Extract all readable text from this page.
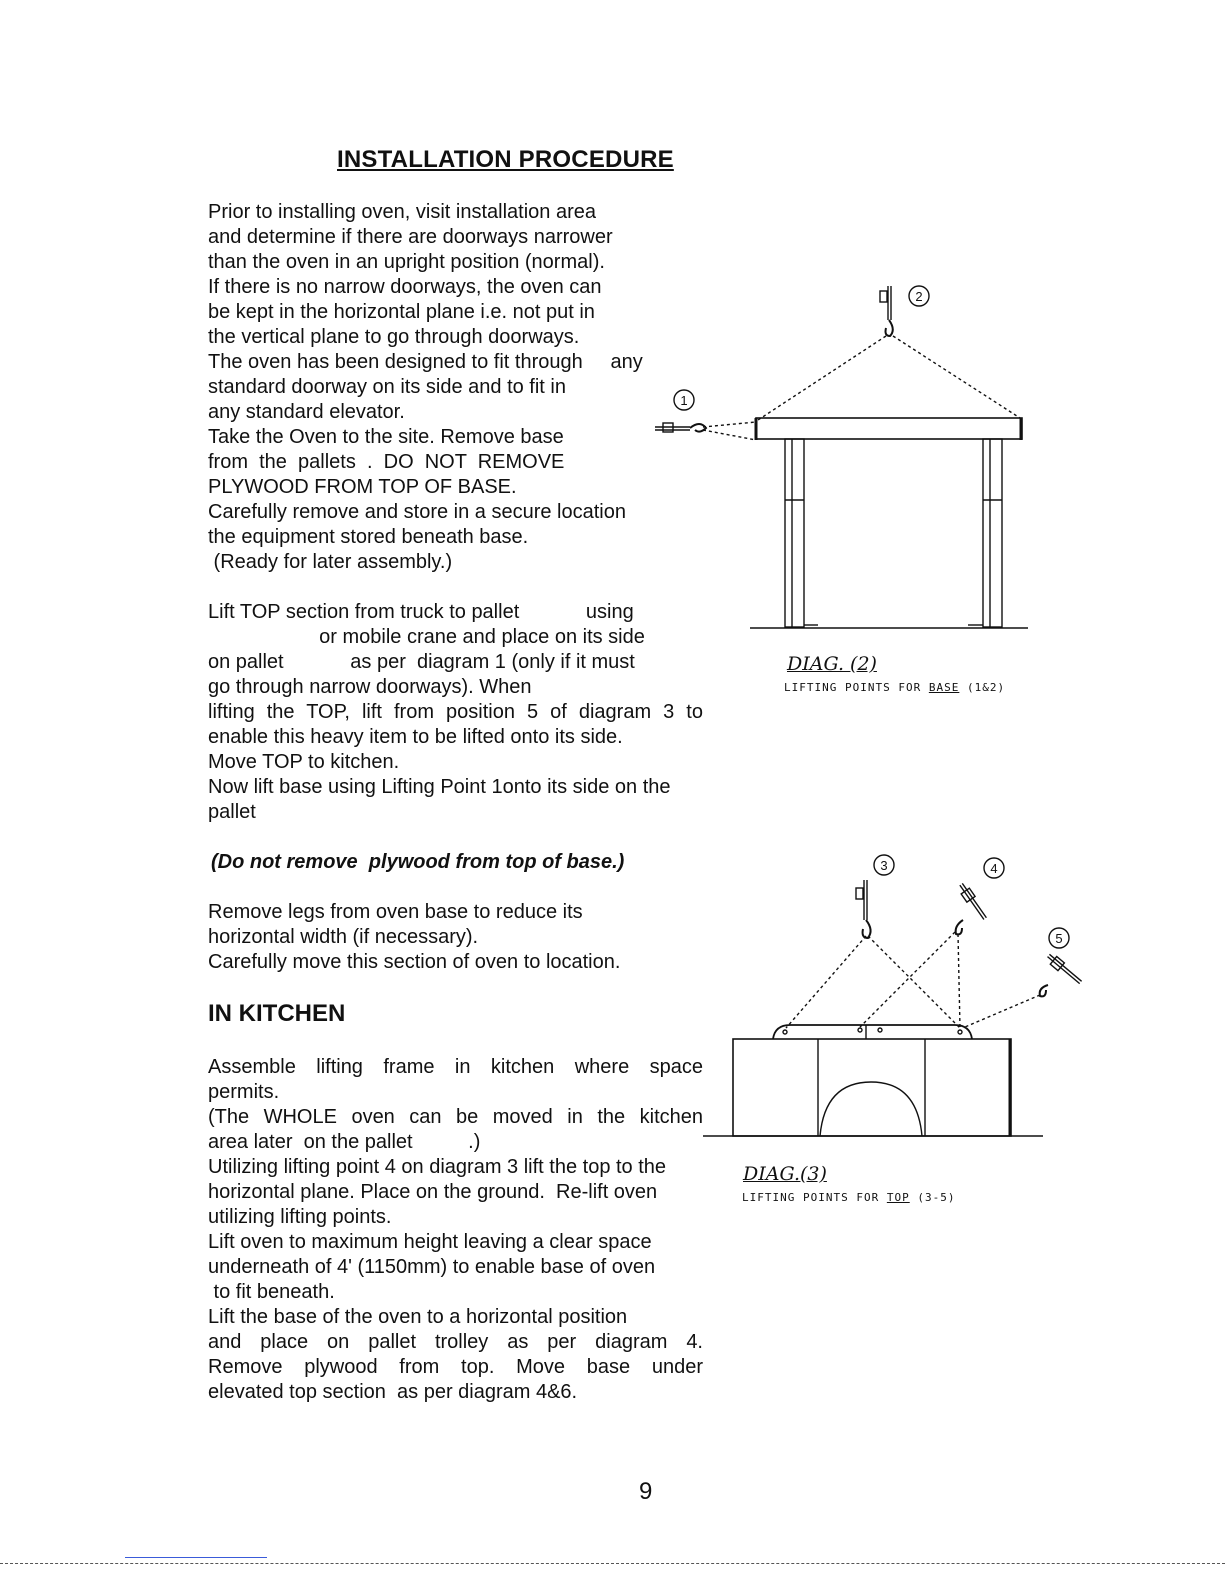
INSTALLATION PROCEDURE
Prior to installing oven, visit installation area
and determine if there are doorways narrower
than the oven in an upright position (normal).
If there is no narrow doorways, the oven can
be kept in the horizontal plane i.e. not put in
the vertical plane to go through doorways.
The oven has been designed to fit through     any
standard doorway on its side and to fit in
any standard elevator.
Take the Oven to the site. Remove base
from  the  pallets  .  DO  NOT  REMOVE
PLYWOOD FROM TOP OF BASE.
Carefully remove and store in a secure location
the equipment stored beneath base.
(Ready for later assembly.)
Lift TOP section from truck to pallet            using
or mobile crane and place on its side
on pallet            as per  diagram 1 (only if it must
go through narrow doorways). When
lifting the TOP, lift from position 5 of diagram 3 to
enable this heavy item to be lifted onto its side.
Move TOP to kitchen.
Now lift base using Lifting Point 1onto its side on the
pallet
(Do not remove  plywood from top of base.)
Remove legs from oven base to reduce its
horizontal width (if necessary).
Carefully move this section of oven to location.
IN KITCHEN
Assemble lifting frame in kitchen where space
permits.
(The WHOLE oven can be moved in the kitchen
area later  on the pallet          .)
Utilizing lifting point 4 on diagram 3 lift the top to the
horizontal plane. Place on the ground.  Re-lift oven
utilizing lifting points.
Lift oven to maximum height leaving a clear space
underneath of 4' (1150mm) to enable base of oven
to fit beneath.
Lift the base of the oven to a horizontal position
and place on pallet trolley as per diagram 4.
Remove plywood from top. Move base under
elevated top section  as per diagram 4&6.
2
1
DIAG. (2)
LIFTING POINTS FOR BASE (1&2)
3	4
5
DIAG.(3)
LIFTING POINTS FOR TOP (3-5)
9
